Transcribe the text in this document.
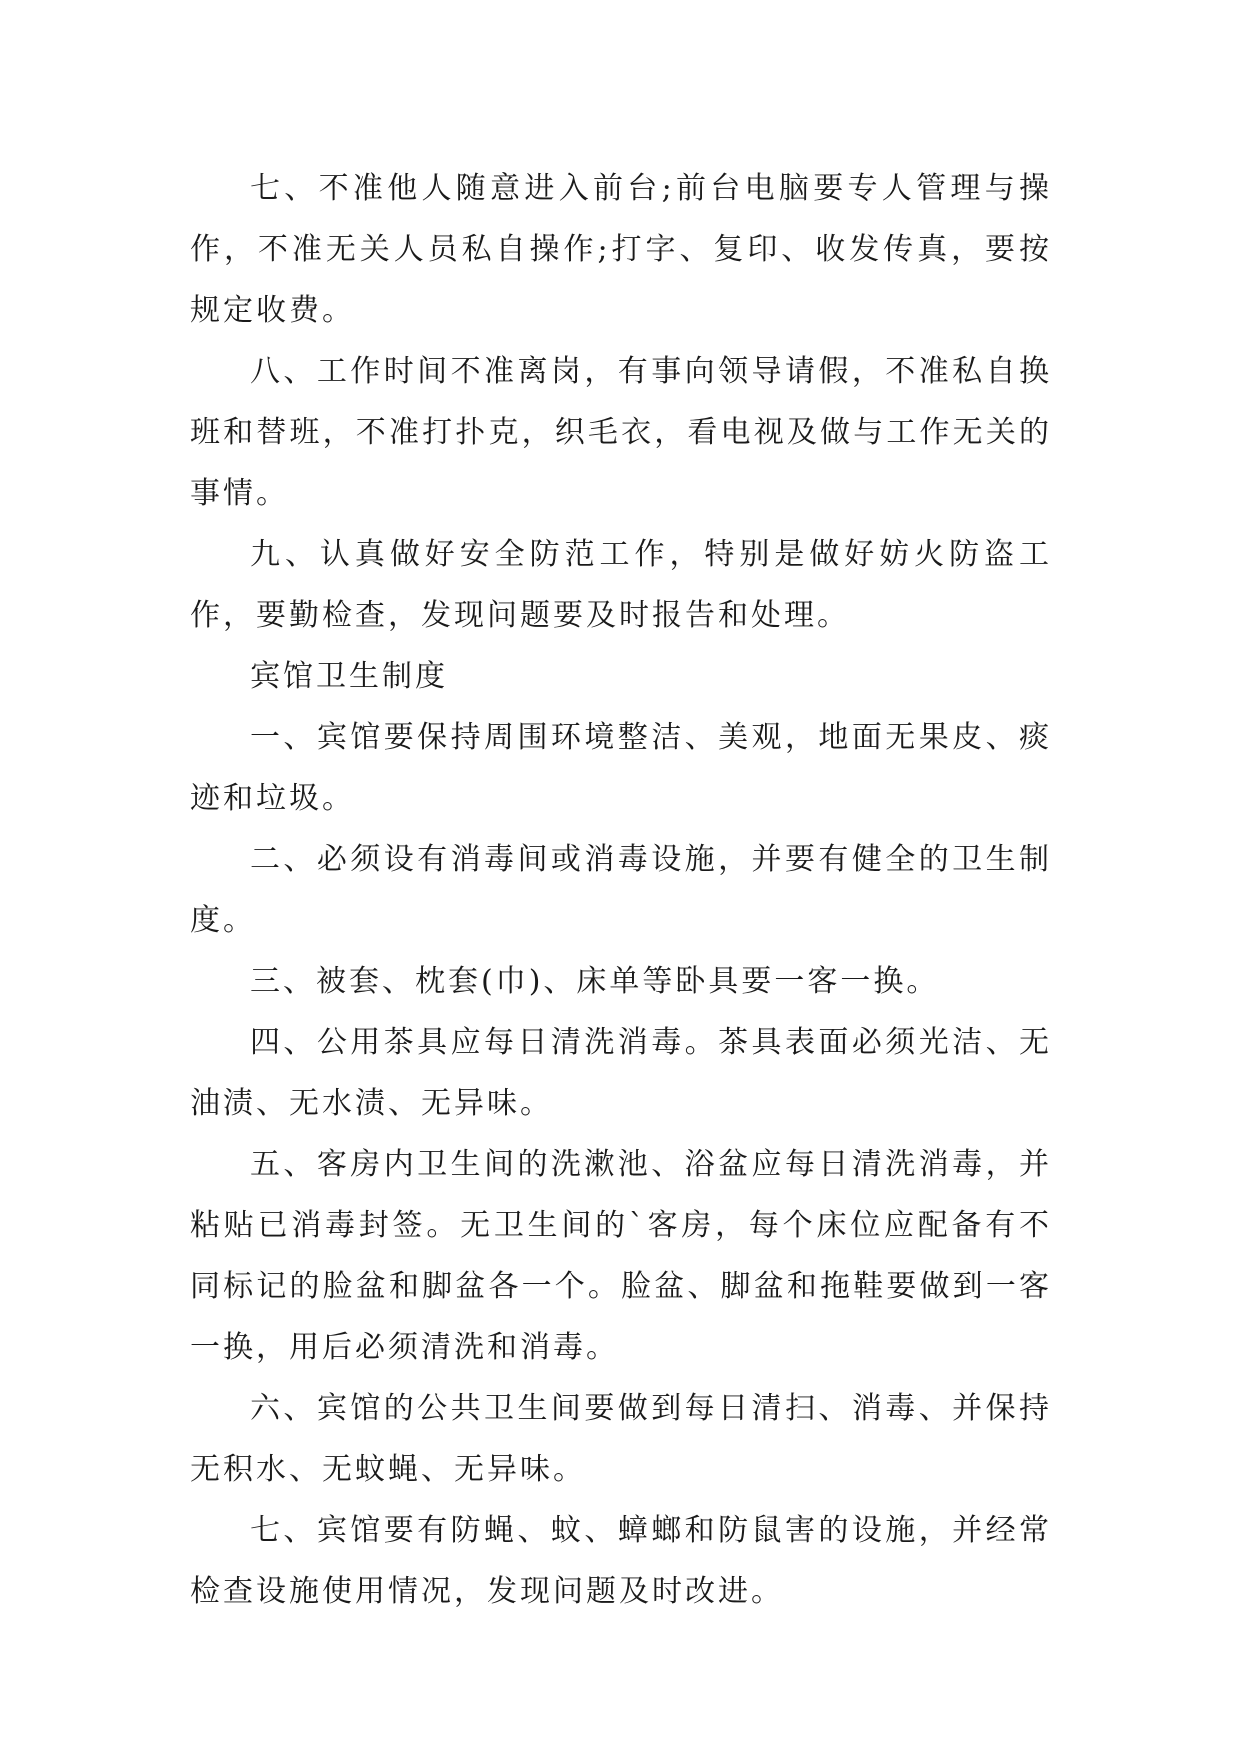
七、不准他人随意进入前台;前台电脑要专人管理与操作，不准无关人员私自操作;打字、复印、收发传真，要按规定收费。

八、工作时间不准离岗，有事向领导请假，不准私自换班和替班，不准打扑克，织毛衣，看电视及做与工作无关的事情。

九、认真做好安全防范工作，特别是做好妨火防盗工作，要勤检查，发现问题要及时报告和处理。

宾馆卫生制度

一、宾馆要保持周围环境整洁、美观，地面无果皮、痰迹和垃圾。

二、必须设有消毒间或消毒设施，并要有健全的卫生制度。

三、被套、枕套(巾)、床单等卧具要一客一换。

四、公用茶具应每日清洗消毒。茶具表面必须光洁、无油渍、无水渍、无异味。

五、客房内卫生间的洗漱池、浴盆应每日清洗消毒，并粘贴已消毒封签。无卫生间的`客房，每个床位应配备有不同标记的脸盆和脚盆各一个。脸盆、脚盆和拖鞋要做到一客一换，用后必须清洗和消毒。

六、宾馆的公共卫生间要做到每日清扫、消毒、并保持无积水、无蚊蝇、无异味。

七、宾馆要有防蝇、蚊、蟑螂和防鼠害的设施，并经常检查设施使用情况，发现问题及时改进。
